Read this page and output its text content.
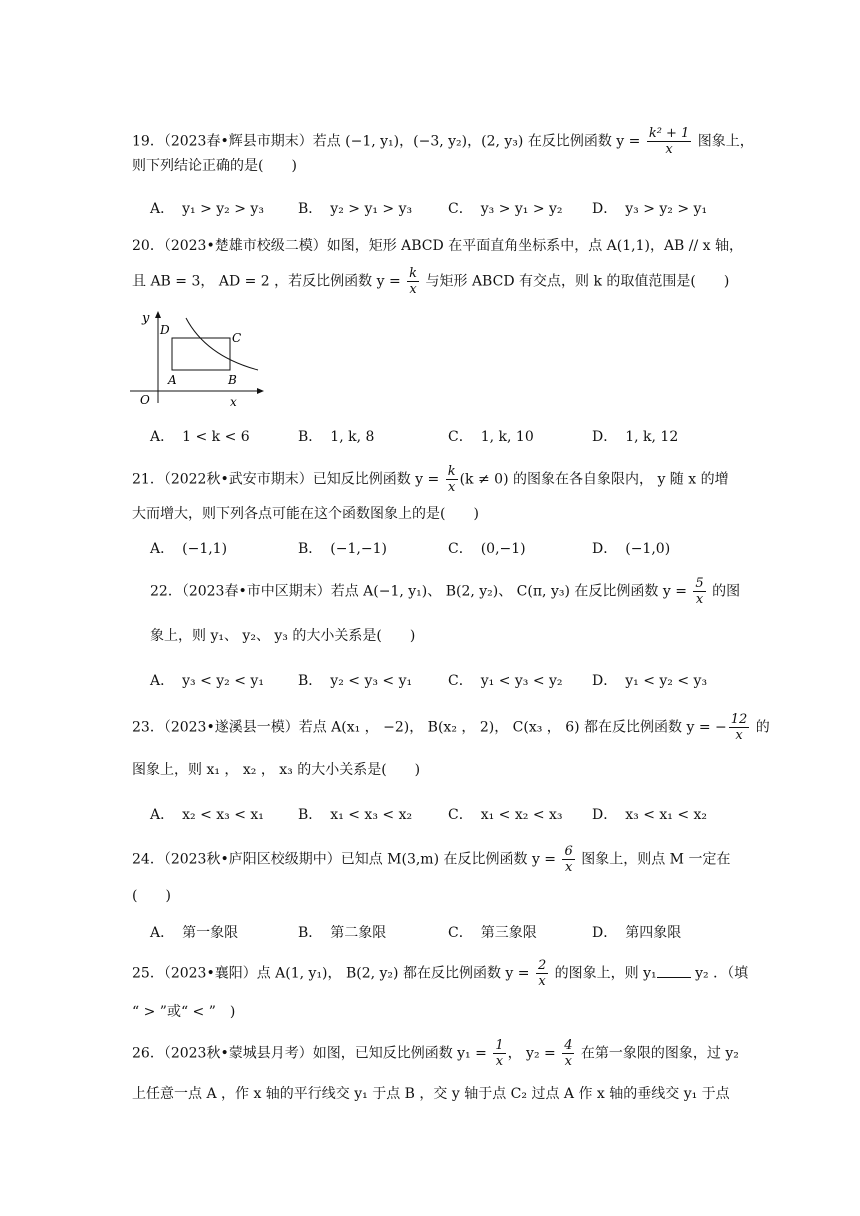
19．（2023春•辉县市期末）若点 (−1, y₁)，(−3, y₂)，(2, y₃) 在反比例函数 $y = \frac{\text{k² + 1}}{x}$ 图象上，
则下列结论正确的是(　　)
A． y₁ > y₂ > y₃ B． y₂ > y₁ > y₃	C． y₃ > y₁ > y₂ D． y₃ > y₂ > y₁
20．（2023•楚雄市校级二模）如图，矩形 ABCD 在平面直角坐标系中，点 A(1,1)，AB // x 轴，
且 AB = 3， AD = 2 ，若反比例函数 $y = \frac{k}{x}$ 与矩形 ABCD 有交点，则 k 的取值范围是(　　)
y
D
C
A	B
O	x
A． 1 < k < 6	B． 1, k, 8	C． 1, k, 10	D． 1, k, 12
21．（2022秋•武安市期末）已知反比例函数 $y = \frac{k}{x} (k \ne 0)$ 的图象在各自象限内， y 随 x 的增
大而增大，则下列各点可能在这个函数图象上的是(　　)
A． (−1,1)	B． (−1,−1)	C． (0,−1)	D． (−1,0)
22．（2023春•市中区期末）若点 A(−1, y₁)、 B(2, y₂)、 C(π, y₃) 在反比例函数 $y = \frac{5}{x}$ 的图
象上，则 y₁、 y₂、 y₃ 的大小关系是(　　)
A． y₃ < y₂ < y₁ B． y₂ < y₃ < y₁	C． y₁ < y₃ < y₂ D． y₁ < y₂ < y₃
23．（2023•遂溪县一模）若点 A(x₁ ， −2)， B(x₂ ， 2)， C(x₃ ， 6) 都在反比例函数 y = − $\frac{12}{x}$ 的
图象上，则 x₁ ， x₂ ， x₃ 的大小关系是(　　)
A． x₂ < x₃ < x₁ B． x₁ < x₃ < x₂	C． x₁ < x₂ < x₃ D． x₃ < x₁ < x₂
24．（2023秋•庐阳区校级期中）已知点 M(3,m) 在反比例函数 $y = \frac{6}{x}$ 图象上，则点 M 一定在
(　　)
A． 第一象限	B． 第二象限	C． 第三象限	D． 第四象限
25．（2023•襄阳）点 A(1, y₁)， B(2, y₂) 都在反比例函数 $y = \frac{2}{x}$ 的图象上，则 y₁ y₂ ．（填
“ > ”或“ < ”　)
26．（2023秋•蒙城县月考）如图，已知反比例函数 $y_1 = \frac{1}{x}$ ， $y_2 = \frac{4}{x}$ 在第一象限的图象，过 y₂
上任意一点 A ，作 x 轴的平行线交 y₁ 于点 B ，交 y 轴于点 C₂ 过点 A 作 x 轴的垂线交 y₁ 于点
